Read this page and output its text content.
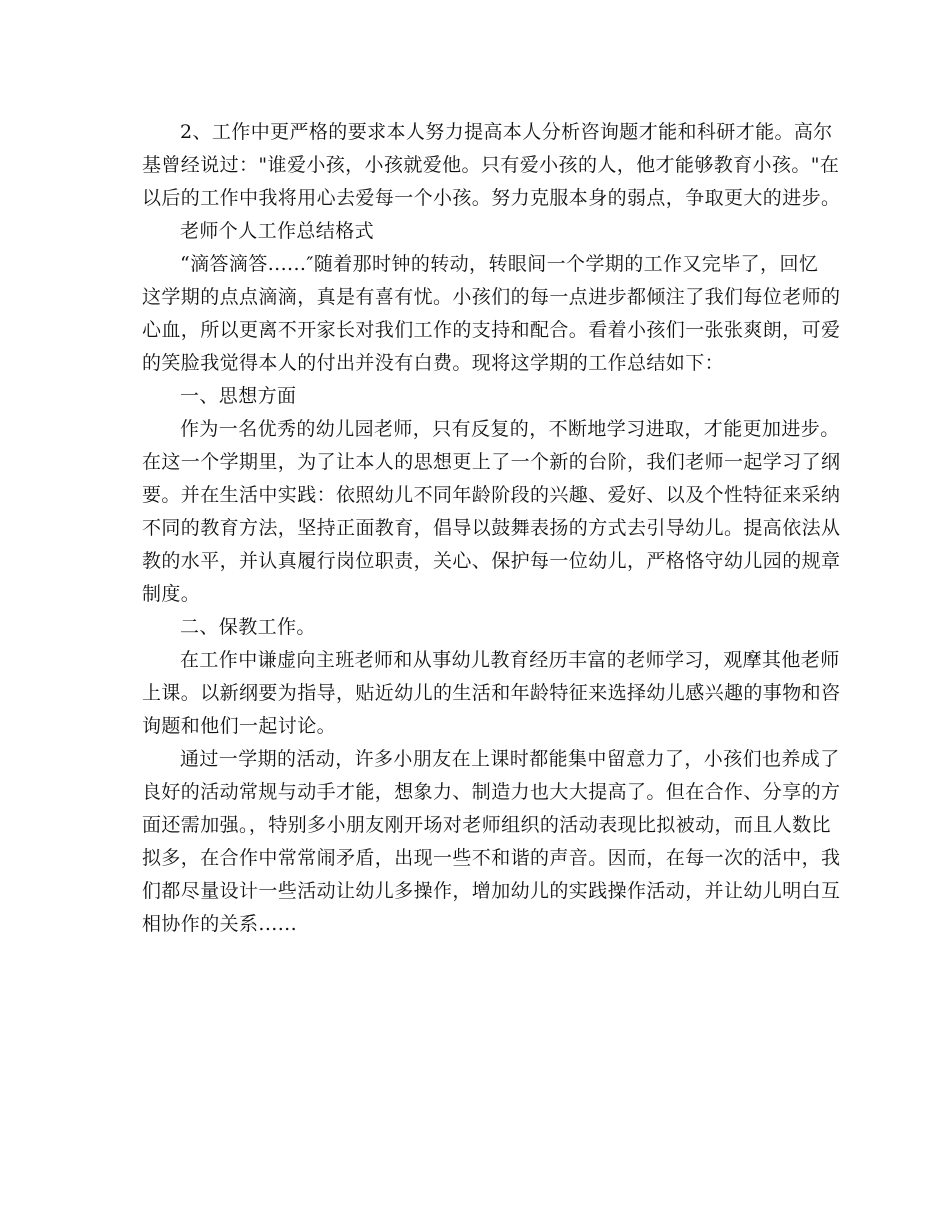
2、工作中更严格的要求本人努力提高本人分析咨询题才能和科研才能。高尔
基曾经说过："谁爱小孩，小孩就爱他。只有爱小孩的人，他才能够教育小孩。"在
以后的工作中我将用心去爱每一个小孩。努力克服本身的弱点，争取更大的进步。
老师个人工作总结格式
“滴答滴答......″随着那时钟的转动，转眼间一个学期的工作又完毕了，回忆
这学期的点点滴滴，真是有喜有忧。小孩们的每一点进步都倾注了我们每位老师的
心血，所以更离不开家长对我们工作的支持和配合。看着小孩们一张张爽朗，可爱
的笑脸我觉得本人的付出并没有白费。现将这学期的工作总结如下：
一、思想方面
作为一名优秀的幼儿园老师，只有反复的，不断地学习进取，才能更加进步。
在这一个学期里，为了让本人的思想更上了一个新的台阶，我们老师一起学习了纲
要。并在生活中实践：依照幼儿不同年龄阶段的兴趣、爱好、以及个性特征来采纳
不同的教育方法，坚持正面教育，倡导以鼓舞表扬的方式去引导幼儿。提高依法从
教的水平，并认真履行岗位职责，关心、保护每一位幼儿，严格恪守幼儿园的规章
制度。
二、保教工作。
在工作中谦虚向主班老师和从事幼儿教育经历丰富的老师学习，观摩其他老师
上课。以新纲要为指导，贴近幼儿的生活和年龄特征来选择幼儿感兴趣的事物和咨
询题和他们一起讨论。
通过一学期的活动，许多小朋友在上课时都能集中留意力了，小孩们也养成了
良好的活动常规与动手才能，想象力、制造力也大大提高了。但在合作、分享的方
面还需加强。，特别多小朋友刚开场对老师组织的活动表现比拟被动，而且人数比
拟多，在合作中常常闹矛盾，出现一些不和谐的声音。因而，在每一次的活中，我
们都尽量设计一些活动让幼儿多操作，增加幼儿的实践操作活动，并让幼儿明白互
相协作的关系......
